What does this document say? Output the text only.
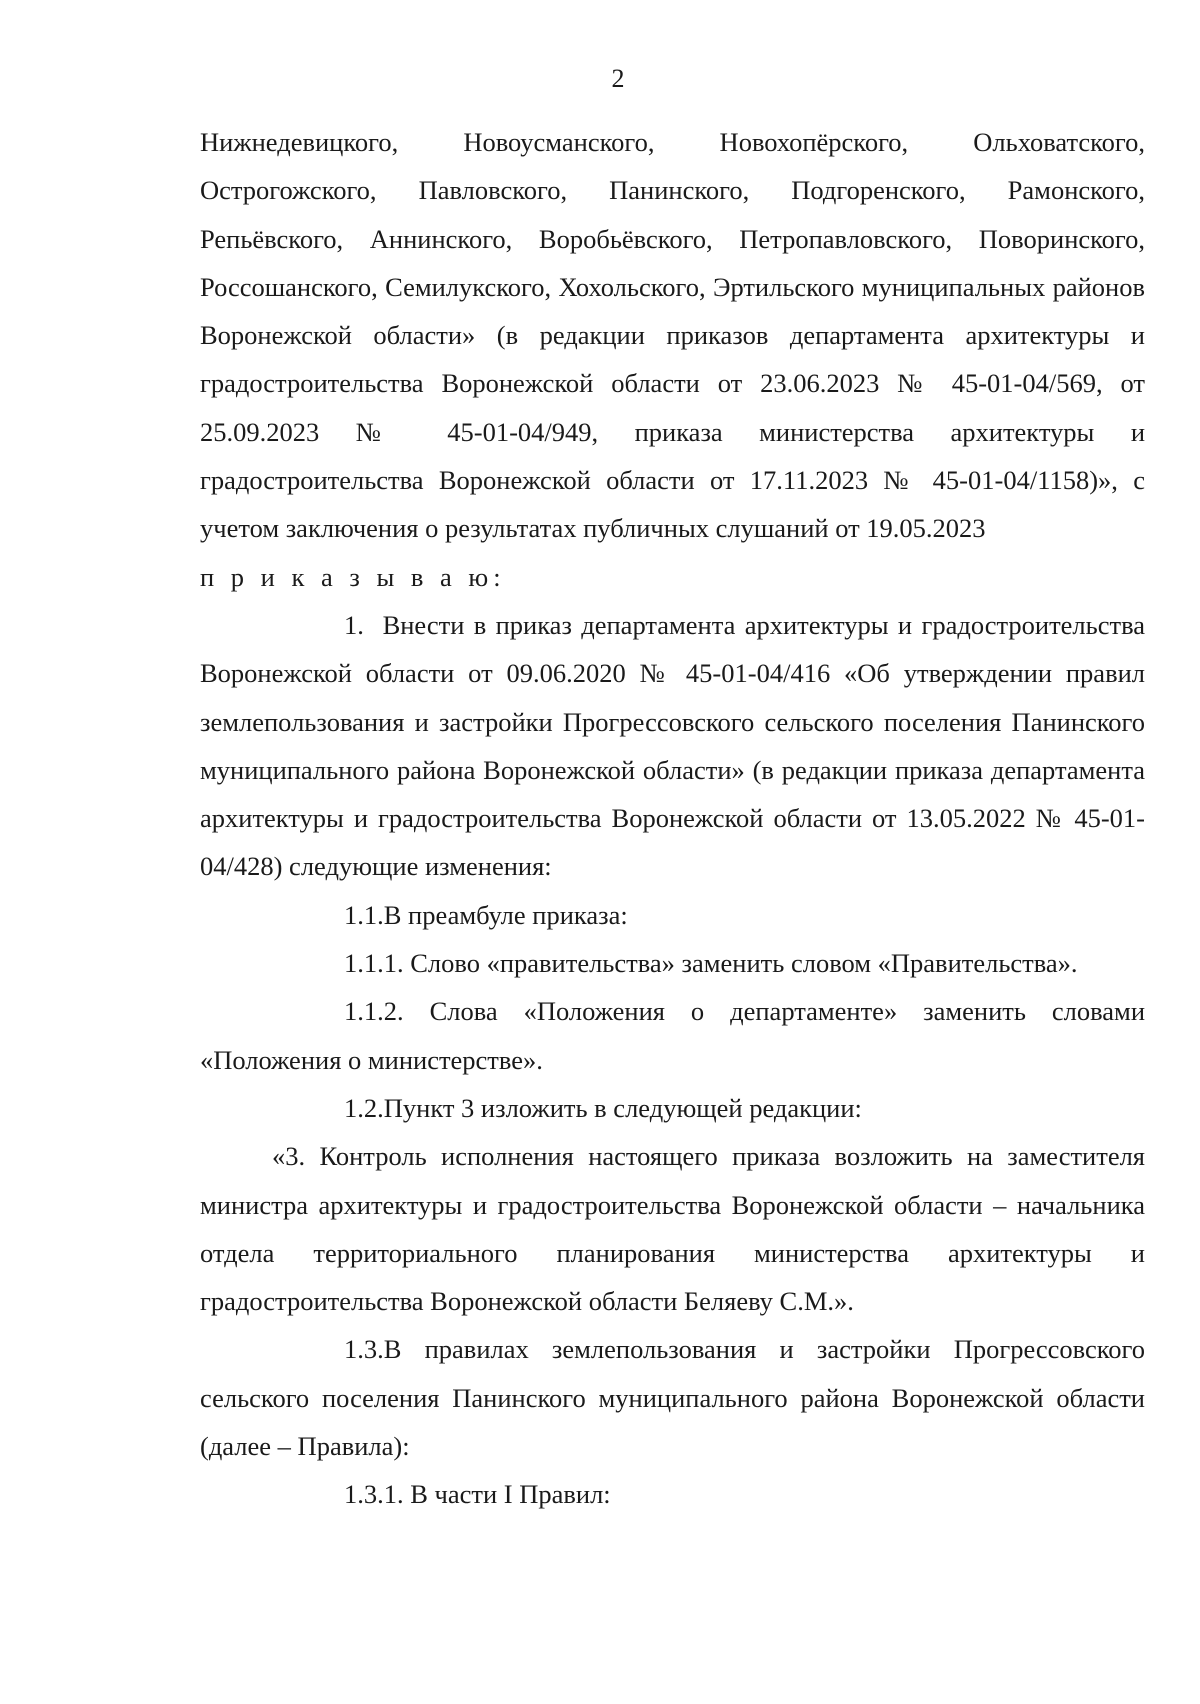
2

Нижнедевицкого, Новоусманского, Новохопёрского, Ольховатского, Острогожского, Павловского, Панинского, Подгоренского, Рамонского, Репьёвского, Аннинского, Воробьёвского, Петропавловского, Поворинского, Россошанского, Семилукского, Хохольского, Эртильского муниципальных районов Воронежской области» (в редакции приказов департамента архитектуры и градостроительства Воронежской области от 23.06.2023 № 45-01-04/569, от 25.09.2023 № 45-01-04/949, приказа министерства архитектуры и градостроительства Воронежской области от 17.11.2023 № 45-01-04/1158)», с учетом заключения о результатах публичных слушаний от 19.05.2023

п р и к а з ы в а ю:

1. Внести в приказ департамента архитектуры и градостроительства Воронежской области от 09.06.2020 № 45-01-04/416 «Об утверждении правил землепользования и застройки Прогрессовского сельского поселения Панинского муниципального района Воронежской области» (в редакции приказа департамента архитектуры и градостроительства Воронежской области от 13.05.2022 № 45-01-04/428) следующие изменения:

1.1.В преамбуле приказа:

1.1.1. Слово «правительства» заменить словом «Правительства».

1.1.2. Слова «Положения о департаменте» заменить словами «Положения о министерстве».

1.2.Пункт 3 изложить в следующей редакции:

«3. Контроль исполнения настоящего приказа возложить на заместителя министра архитектуры и градостроительства Воронежской области – начальника отдела территориального планирования министерства архитектуры и градостроительства Воронежской области Беляеву С.М.».

1.3.В правилах землепользования и застройки Прогрессовского сельского поселения Панинского муниципального района Воронежской области (далее – Правила):

1.3.1. В части I Правил:
